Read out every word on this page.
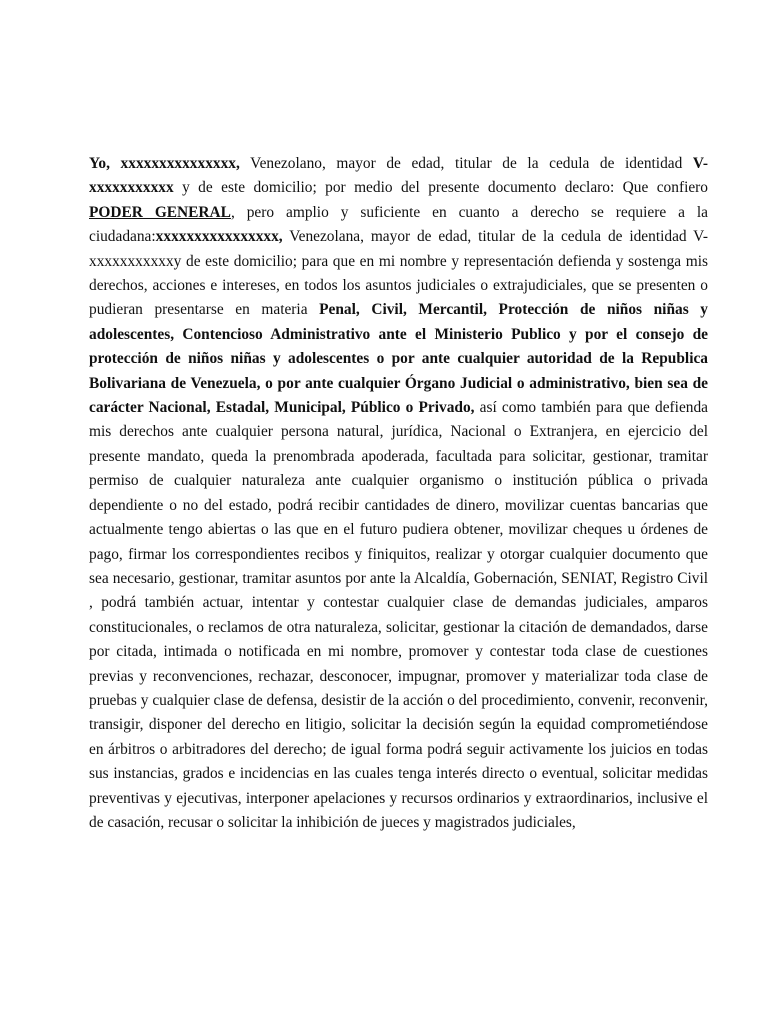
Yo, xxxxxxxxxxxxxxx, Venezolano, mayor de edad, titular de la cedula de identidad V-xxxxxxxxxxx y de este domicilio; por medio del presente documento declaro: Que confiero PODER GENERAL, pero amplio y suficiente en cuanto a derecho se requiere a la ciudadana:xxxxxxxxxxxxxxxx, Venezolana, mayor de edad, titular de la cedula de identidad V-xxxxxxxxxxxy de este domicilio; para que en mi nombre y representación defienda y sostenga mis derechos, acciones e intereses, en todos los asuntos judiciales o extrajudiciales, que se presenten o pudieran presentarse en materia Penal, Civil, Mercantil, Protección de niños niñas y adolescentes, Contencioso Administrativo ante el Ministerio Publico y por el consejo de protección de niños niñas y adolescentes o por ante cualquier autoridad de la Republica Bolivariana de Venezuela, o por ante cualquier Órgano Judicial o administrativo, bien sea de carácter Nacional, Estadal, Municipal, Público o Privado, así como también para que defienda mis derechos ante cualquier persona natural, jurídica, Nacional o Extranjera, en ejercicio del presente mandato, queda la prenombrada apoderada, facultada para solicitar, gestionar, tramitar permiso de cualquier naturaleza ante cualquier organismo o institución pública o privada dependiente o no del estado, podrá recibir cantidades de dinero, movilizar cuentas bancarias que actualmente tengo abiertas o las que en el futuro pudiera obtener, movilizar cheques u órdenes de pago, firmar los correspondientes recibos y finiquitos, realizar y otorgar cualquier documento que sea necesario, gestionar, tramitar asuntos por ante la Alcaldía, Gobernación, SENIAT, Registro Civil , podrá también actuar, intentar y contestar cualquier clase de demandas judiciales, amparos constitucionales, o reclamos de otra naturaleza, solicitar, gestionar la citación de demandados, darse por citada, intimada o notificada en mi nombre, promover y contestar toda clase de cuestiones previas y reconvenciones, rechazar, desconocer, impugnar, promover y materializar toda clase de pruebas y cualquier clase de defensa, desistir de la acción o del procedimiento, convenir, reconvenir, transigir, disponer del derecho en litigio, solicitar la decisión según la equidad comprometiéndose en árbitros o arbitradores del derecho; de igual forma podrá seguir activamente los juicios en todas sus instancias, grados e incidencias en las cuales tenga interés directo o eventual, solicitar medidas preventivas y ejecutivas, interponer apelaciones y recursos ordinarios y extraordinarios, inclusive el de casación, recusar o solicitar la inhibición de jueces y magistrados judiciales,
